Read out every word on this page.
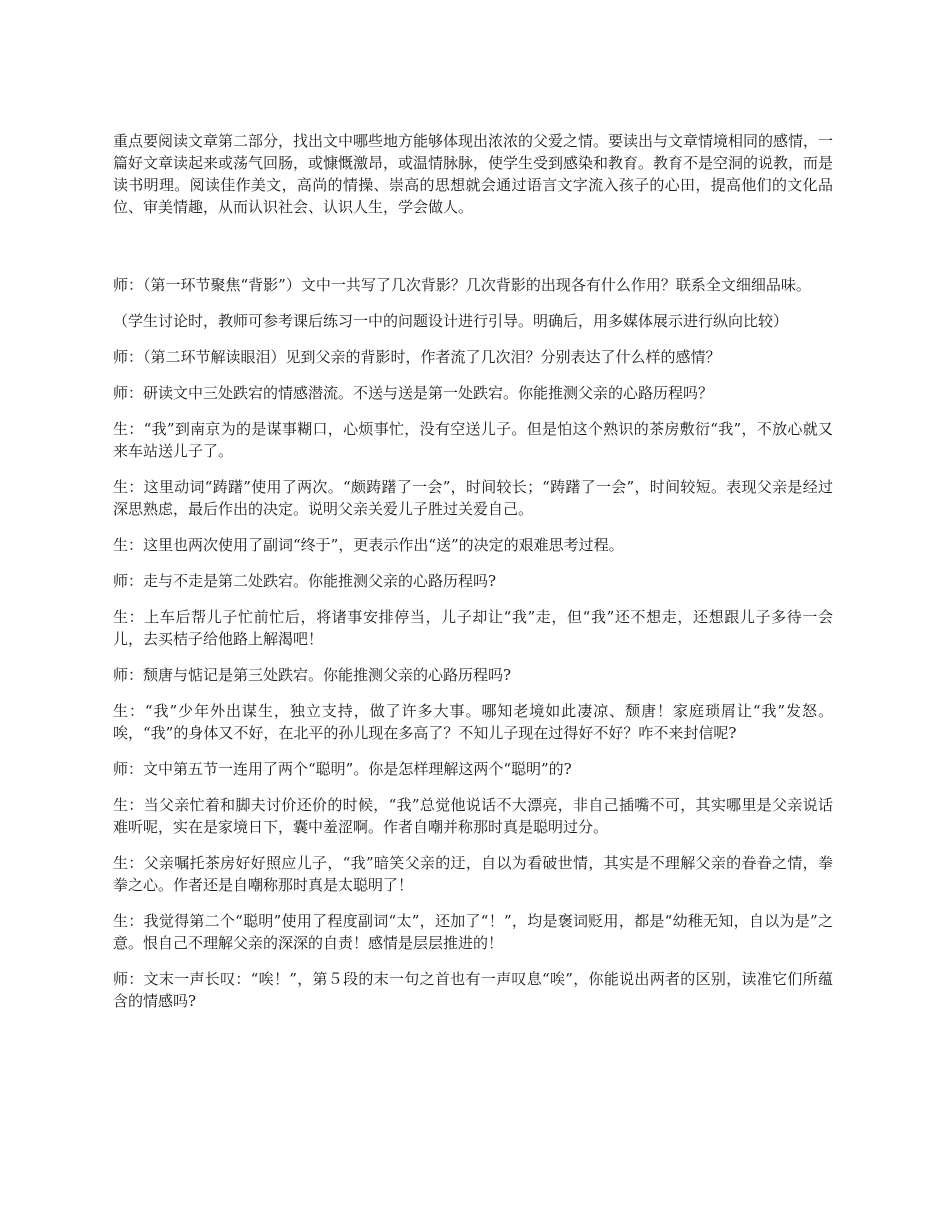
重点要阅读文章第二部分，找出文中哪些地方能够体现出浓浓的父爱之情。要读出与文章情境相同的感情，一篇好文章读起来或荡气回肠，或慷慨激昂，或温情脉脉，使学生受到感染和教育。教育不是空洞的说教，而是读书明理。阅读佳作美文，高尚的情操、崇高的思想就会通过语言文字流入孩子的心田，提高他们的文化品位、审美情趣，从而认识社会、认识人生，学会做人。

师：（第一环节聚焦“背影”）文中一共写了几次背影？几次背影的出现各有什么作用？联系全文细细品味。

（学生讨论时，教师可参考课后练习一中的问题设计进行引导。明确后，用多媒体展示进行纵向比较）

师：（第二环节解读眼泪）见到父亲的背影时，作者流了几次泪？分别表达了什么样的感情？

师：研读文中三处跌宕的情感潜流。不送与送是第一处跌宕。你能推测父亲的心路历程吗？

生：“我”到南京为的是谋事糊口，心烦事忙，没有空送儿子。但是怕这个熟识的茶房敷衍“我”，不放心就又来车站送儿子了。

生：这里动词“踌躇”使用了两次。“颇踌躇了一会”，时间较长；“踌躇了一会”，时间较短。表现父亲是经过深思熟虑，最后作出的决定。说明父亲关爱儿子胜过关爱自己。

生：这里也两次使用了副词“终于”，更表示作出“送”的决定的艰难思考过程。

师：走与不走是第二处跌宕。你能推测父亲的心路历程吗?

生：上车后帮儿子忙前忙后，将诸事安排停当，儿子却让“我”走，但“我”还不想走，还想跟儿子多待一会儿，去买桔子给他路上解渴吧！

师：颓唐与惦记是第三处跌宕。你能推测父亲的心路历程吗?

生：“我”少年外出谋生，独立支持，做了许多大事。哪知老境如此凄凉、颓唐！家庭琐屑让“我”发怒。唉，“我”的身体又不好，在北平的孙儿现在多高了？不知儿子现在过得好不好？咋不来封信呢?

师：文中第五节一连用了两个“聪明”。你是怎样理解这两个“聪明”的?

生：当父亲忙着和脚夫讨价还价的时候，“我”总觉他说话不大漂亮，非自己插嘴不可，其实哪里是父亲说话难听呢，实在是家境日下，囊中羞涩啊。作者自嘲并称那时真是聪明过分。

生：父亲嘱托茶房好好照应儿子，“我”暗笑父亲的迂，自以为看破世情，其实是不理解父亲的眷眷之情，拳拳之心。作者还是自嘲称那时真是太聪明了！

生：我觉得第二个“聪明”使用了程度副词“太”，还加了“！”，均是褒词贬用，都是“幼稚无知，自以为是”之意。恨自己不理解父亲的深深的自责！感情是层层推进的！

师：文末一声长叹：“唉！”，第５段的末一句之首也有一声叹息“唉”，你能说出两者的区别，读准它们所蕴含的情感吗?
